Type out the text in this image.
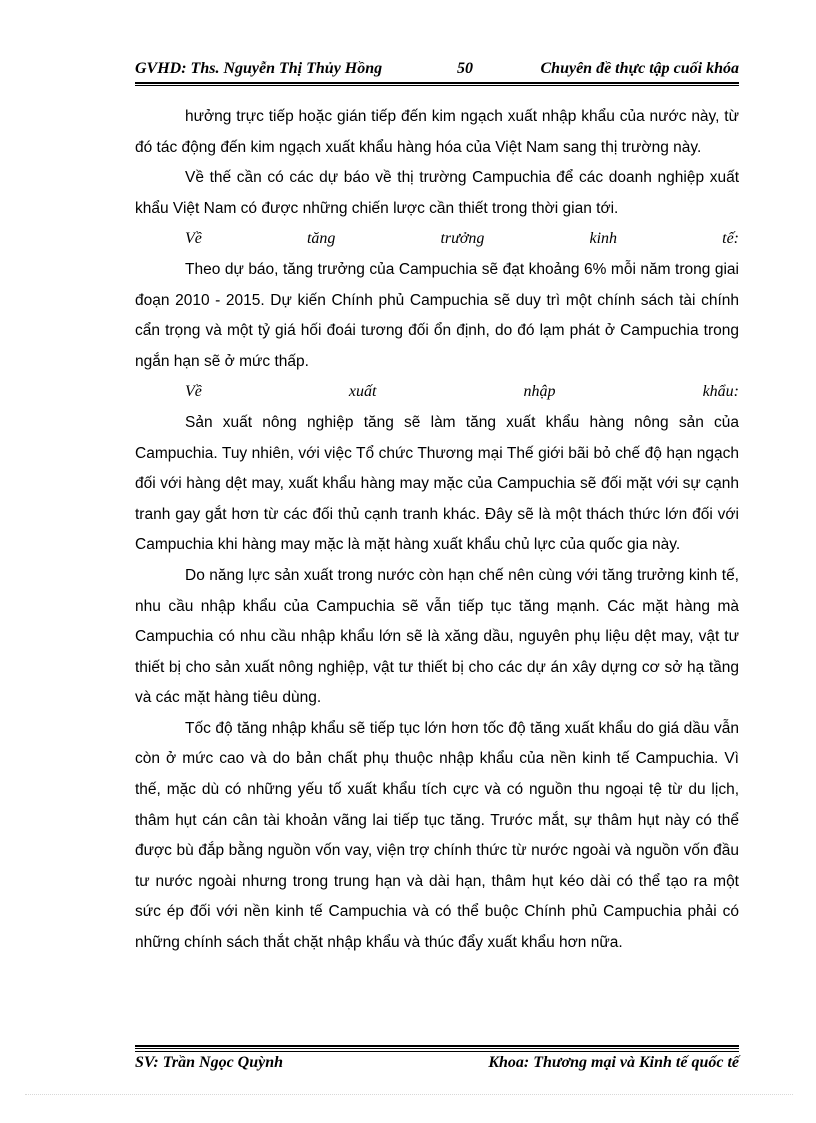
GVHD: Ths. Nguyễn Thị Thủy Hồng	50	Chuyên đề thực tập cuối khóa

hưởng trực tiếp hoặc gián tiếp đến kim ngạch xuất nhập khẩu của nước này, từ đó tác động đến kim ngạch xuất khẩu hàng hóa của Việt Nam sang thị trường này.

Về thế cần có các dự báo về thị trường Campuchia để các doanh nghiệp xuất khẩu Việt Nam có được những chiến lược cần thiết trong thời gian tới.

Về tăng trưởng kinh tế:

Theo dự báo, tăng trưởng của Campuchia sẽ đạt khoảng 6% mỗi năm trong giai đoạn 2010 - 2015. Dự kiến Chính phủ Campuchia sẽ duy trì một chính sách tài chính cẩn trọng và một tỷ giá hối đoái tương đối ổn định, do đó lạm phát ở Campuchia trong ngắn hạn sẽ ở mức thấp.

Về xuất nhập khẩu:

Sản xuất nông nghiệp tăng sẽ làm tăng xuất khẩu hàng nông sản của Campuchia. Tuy nhiên, với việc Tổ chức Thương mại Thế giới bãi bỏ chế độ hạn ngạch đối với hàng dệt may, xuất khẩu hàng may mặc của Campuchia sẽ đối mặt với sự cạnh tranh gay gắt hơn từ các đối thủ cạnh tranh khác. Đây sẽ là một thách thức lớn đối với Campuchia khi hàng may mặc là mặt hàng xuất khẩu chủ lực của quốc gia này.

Do năng lực sản xuất trong nước còn hạn chế nên cùng với tăng trưởng kinh tế, nhu cầu nhập khẩu của Campuchia sẽ vẫn tiếp tục tăng mạnh. Các mặt hàng mà Campuchia có nhu cầu nhập khẩu lớn sẽ là xăng dầu, nguyên phụ liệu dệt may, vật tư thiết bị cho sản xuất nông nghiệp, vật tư thiết bị cho các dự án xây dựng cơ sở hạ tầng và các mặt hàng tiêu dùng.

Tốc độ tăng nhập khẩu sẽ tiếp tục lớn hơn tốc độ tăng xuất khẩu do giá dầu vẫn còn ở mức cao và do bản chất phụ thuộc nhập khẩu của nền kinh tế Campuchia. Vì thế, mặc dù có những yếu tố xuất khẩu tích cực và có nguồn thu ngoại tệ từ du lịch, thâm hụt cán cân tài khoản vãng lai tiếp tục tăng. Trước mắt, sự thâm hụt này có thể được bù đắp bằng nguồn vốn vay, viện trợ chính thức từ nước ngoài và nguồn vốn đầu tư nước ngoài nhưng trong trung hạn và dài hạn, thâm hụt kéo dài có thể tạo ra một sức ép đối với nền kinh tế Campuchia và có thể buộc Chính phủ Campuchia phải có những chính sách thắt chặt nhập khẩu và thúc đẩy xuất khẩu hơn nữa.

SV: Trần Ngọc Quỳnh	Khoa: Thương mại và Kinh tế quốc tế
